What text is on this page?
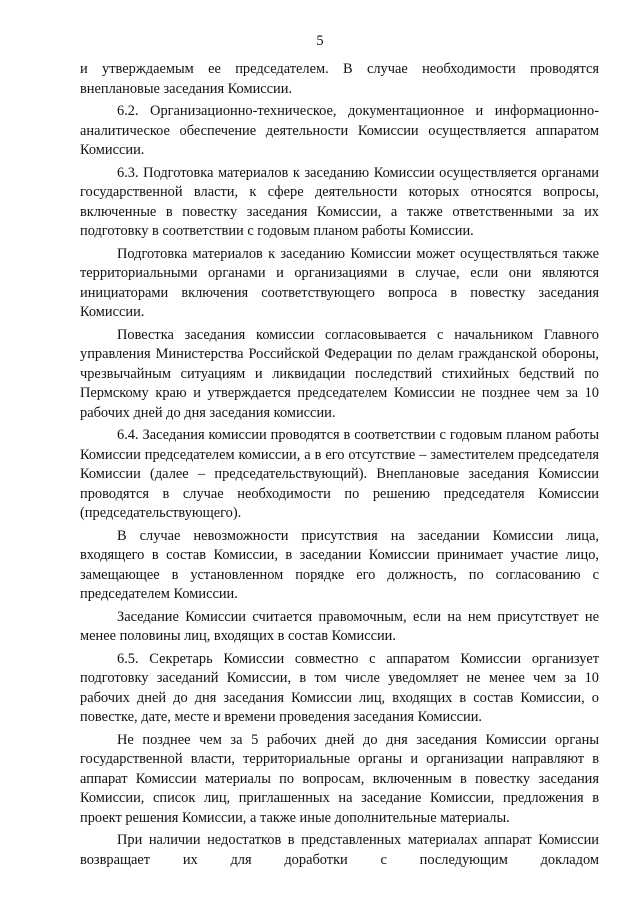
5

и утверждаемым ее председателем. В случае необходимости проводятся внеплановые заседания Комиссии.

6.2. Организационно-техническое, документационное и информационно-аналитическое обеспечение деятельности Комиссии осуществляется аппаратом Комиссии.

6.3. Подготовка материалов к заседанию Комиссии осуществляется органами государственной власти, к сфере деятельности которых относятся вопросы, включенные в повестку заседания Комиссии, а также ответственными за их подготовку в соответствии с годовым планом работы Комиссии.

Подготовка материалов к заседанию Комиссии может осуществляться также территориальными органами и организациями в случае, если они являются инициаторами включения соответствующего вопроса в повестку заседания Комиссии.

Повестка заседания комиссии согласовывается с начальником Главного управления Министерства Российской Федерации по делам гражданской обороны, чрезвычайным ситуациям и ликвидации последствий стихийных бедствий по Пермскому краю и утверждается председателем Комиссии не позднее чем за 10 рабочих дней до дня заседания комиссии.

6.4. Заседания комиссии проводятся в соответствии с годовым планом работы Комиссии председателем комиссии, а в его отсутствие – заместителем председателя Комиссии (далее – председательствующий). Внеплановые заседания Комиссии проводятся в случае необходимости по решению председателя Комиссии (председательствующего).

В случае невозможности присутствия на заседании Комиссии лица, входящего в состав Комиссии, в заседании Комиссии принимает участие лицо, замещающее в установленном порядке его должность, по согласованию с председателем Комиссии.

Заседание Комиссии считается правомочным, если на нем присутствует не менее половины лиц, входящих в состав Комиссии.

6.5. Секретарь Комиссии совместно с аппаратом Комиссии организует подготовку заседаний Комиссии, в том числе уведомляет не менее чем за 10 рабочих дней до дня заседания Комиссии лиц, входящих в состав Комиссии, о повестке, дате, месте и времени проведения заседания Комиссии.

Не позднее чем за 5 рабочих дней до дня заседания Комиссии органы государственной власти, территориальные органы и организации направляют в аппарат Комиссии материалы по вопросам, включенным в повестку заседания Комиссии, список лиц, приглашенных на заседание Комиссии, предложения в проект решения Комиссии, а также иные дополнительные материалы.

При наличии недостатков в представленных материалах аппарат Комиссии возвращает их для доработки с последующим докладом
